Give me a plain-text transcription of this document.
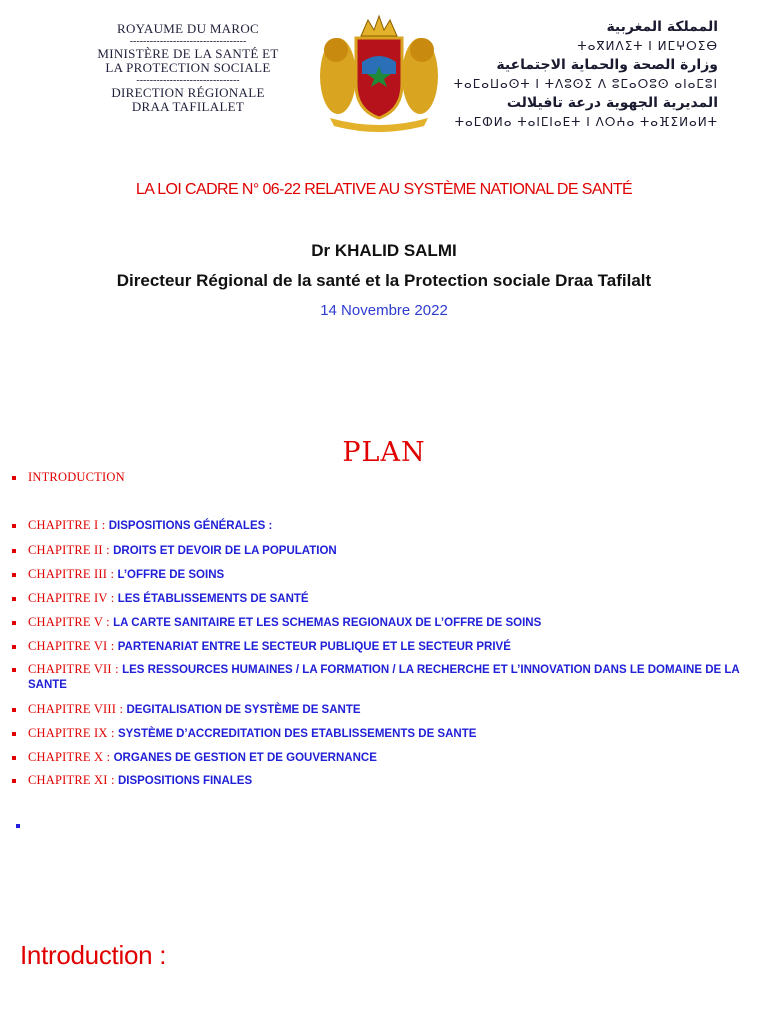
ROYAUME DU MAROC
-----------------------------------
MINISTÈRE DE LA SANTÉ ET
LA PROTECTION SOCIALE
-------------------------------
DIRECTION RÉGIONALE
DRAA TAFILALET
المملكة المغربية
ⵜⴰⴳⵍⴷⵉⵜ ⵏ ⵍⵎⵖⵔⵉⴱ
وزارة الصحة والحماية الاجتماعية
ⵜⴰⵎⴰⵡⴰⵙⵜ ⵏ ⵜⴷⵓⵙⵉ ⴷ ⵓⵎⴰⵔⵓⵙ ⴰⵏⴰⵎⵓⵏ
المديرية الجهوية درعة تافيلالت
ⵜⴰⵎⵀⵍⴰ ⵜⴰⵏⵎⵏⴰⴹⵜ ⵏ ⴷⵔⵄⴰ ⵜⴰⴼⵉⵍⴰⵍⵜ
LA LOI CADRE N° 06-22 RELATIVE AU SYSTÈME NATIONAL DE SANTÉ
Dr KHALID SALMI
Directeur Régional de la santé et la Protection sociale Draa Tafilalt
14 Novembre 2022
PLAN
INTRODUCTION
CHAPITRE I : DISPOSITIONS GÉNÉRALES :
CHAPITRE II : DROITS ET DEVOIR DE LA POPULATION
CHAPITRE III : L’OFFRE DE SOINS
CHAPITRE IV : LES ÉTABLISSEMENTS DE SANTÉ
CHAPITRE V : LA CARTE SANITAIRE ET LES SCHEMAS REGIONAUX DE L’OFFRE DE SOINS
CHAPITRE VI : PARTENARIAT ENTRE LE SECTEUR PUBLIQUE ET LE SECTEUR PRIVÉ
CHAPITRE VII : LES RESSOURCES HUMAINES / LA FORMATION / LA RECHERCHE ET L’INNOVATION DANS LE DOMAINE DE LA SANTE
CHAPITRE VIII : DEGITALISATION DE SYSTÈME DE SANTE
CHAPITRE IX : SYSTÈME D’ACCREDITATION DES ETABLISSEMENTS DE SANTE
CHAPITRE X : ORGANES DE GESTION ET DE GOUVERNANCE
CHAPITRE XI : DISPOSITIONS FINALES
Introduction :
